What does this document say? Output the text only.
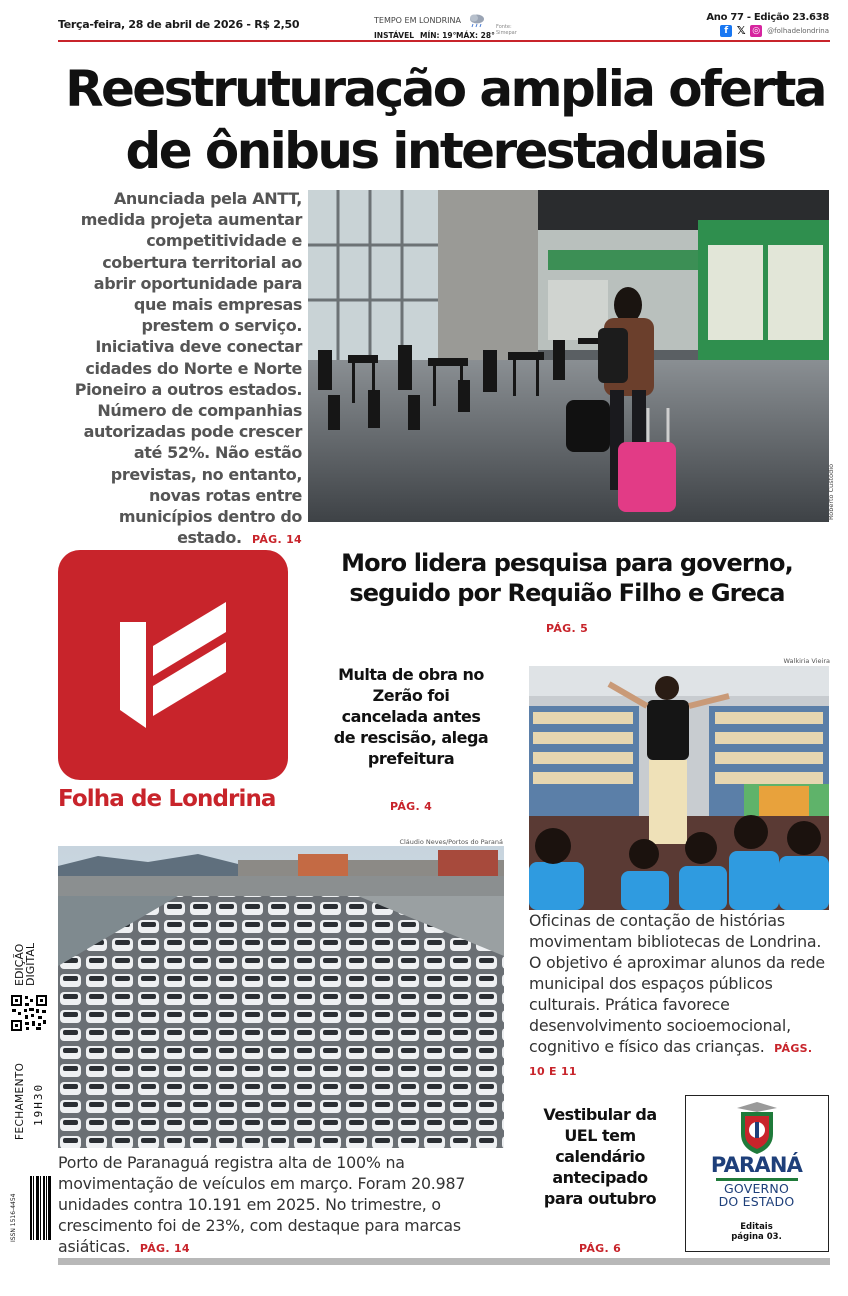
Terça-feira, 28 de abril de 2026 - R$ 2,50	TEMPO EM LONDRINA
INSTÁVEL MÍN: 19° MÁX: 28°
Fonte: Simepar
Ano 77 - Edição 23.638
f 𝕏 ◎ @folhadelondrina
Reestruturação amplia oferta
de ônibus interestaduais

Anunciada pela ANTT, medida projeta aumentar competitividade e cobertura territorial ao abrir oportunidade para que mais empresas prestem o serviço. Iniciativa deve conectar cidades do Norte e Norte Pioneiro a outros estados. Número de companhias autorizadas pode crescer até 52%. Não estão previstas, no entanto, novas rotas entre municípios dentro do estado. PÁG. 14

Roberto Custódio
Folha de Londrina
Moro lidera pesquisa para governo,
seguido por Requião Filho e Greca
PÁG. 5
Multa de obra no Zerão foi cancelada antes de rescisão, alega prefeitura
PÁG. 4
Walkiria Vieira

Oficinas de contação de histórias movimentam bibliotecas de Londrina. O objetivo é aproximar alunos da rede municipal dos espaços públicos culturais. Prática favorece desenvolvimento socioemocional, cognitivo e físico das crianças. PÁGS. 10 E 11

Cláudio Neves/Portos do Paraná

Porto de Paranaguá registra alta de 100% na movimentação de veículos em março. Foram 20.987 unidades contra 10.191 em 2025. No trimestre, o crescimento foi de 23%, com destaque para marcas asiáticas. PÁG. 14

EDIÇÃO
DIGITAL
FECHAMENTO 19H30
ISSN 1516-4454
Vestibular da UEL tem calendário antecipado para outubro
PÁG. 6
PARANÁ
GOVERNO
DO ESTADO
Editais
página 03.
